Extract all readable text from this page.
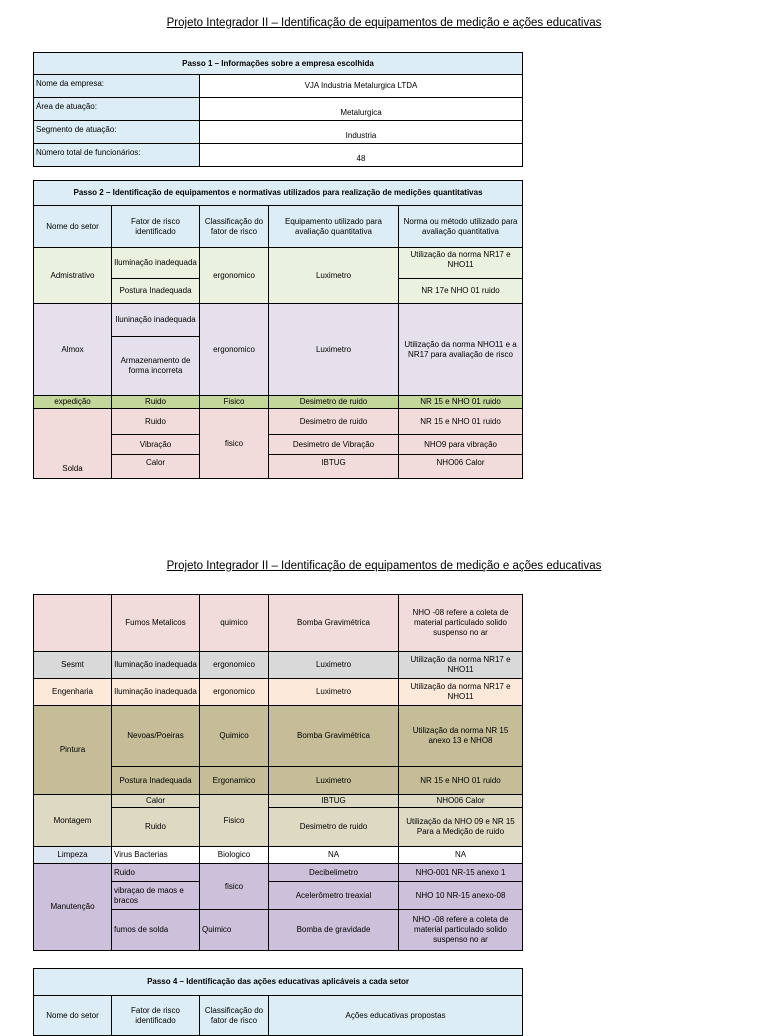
Projeto Integrador II – Identificação de equipamentos de medição e ações educativas
Passo 1 – Informações sobre a empresa escolhida	
Nome da empresa:	VJA Industria Metalurgica LTDA
Área de atuação:	Metalurgica
Segmento de atuação:	Industria
Número total de funcionários:	48
Passo 2 – Identificação de equipamentos e normativas utilizados para realização de medições quantitativas				
Nome do setor	Fator de risco identificado	Classificação do fator de risco	Equipamento utilizado para avaliação quantitativa	Norma ou método utilizado para avaliação quantitativa
Admistrativo	Iluminação inadequada	ergonomico	Luximetro	Utilização da norma NR17 e NHO11
	Postura Inadequada			NR 17e NHO 01 ruido
Almox	Iluninação inadequada	ergonomico	Luximetro	Utilização da norma NHO11 e a NR17 para avaliação de risco
	Armazenamento de forma incorreta			
expedição	Ruido	Fisico	Desimetro de ruido	NR 15 e NHO 01 ruido
Solda	Ruido	fisico	Desimetro de ruido	NR 15 e NHO 01 ruido
	Vibração		Desimetro de Vibração	NHO9 para vibração
	Calor		IBTUG	NHO06 Calor
Projeto Integrador II – Identificação de equipamentos de medição e ações educativas
	Fumos Metalicos	quimico	Bomba Gravimétrica	NHO -08 refere a coleta de material particulado solido suspenso no ar
Sesmt	Iluminação inadequada	ergonomico	Luximetro	Utilização da norma NR17 e NHO11
Engenharia	Iluminação inadequada	ergonomico	Luximetro	Utilização da norma NR17 e NHO11
Pintura	Nevoas/Poeiras	Quimico	Bomba Gravimétrica	Utilização da norma NR 15 anexo 13 e NHO8
	Postura Inadequada	Ergonamico	Luximetro	NR 15 e NHO 01 ruido
Montagem	Calor	Fisico	IBTUG	NHO06 Calor
	Ruido		Desimetro de ruido	Utilização da NHO 09 e NR 15 Para a Medição de ruido
Limpeza	Virus Bacterias	Biologico	NA	NA
Manutenção	Ruido	fisico	Decibelimetro	NHO-001 NR-15 anexo 1
	vibraçao de maos e bracos		Acelerômetro treaxial	NHO 10 NR-15 anexo-08
	fumos de solda	Quimico	Bomba de gravidade	NHO -08 refere a coleta de material particulado solido suspenso no ar
Passo 4 – Identificação das ações educativas aplicáveis a cada setor
Nome do setor	Fator de risco identificado	Classificação do fator de risco	Ações educativas propostas
